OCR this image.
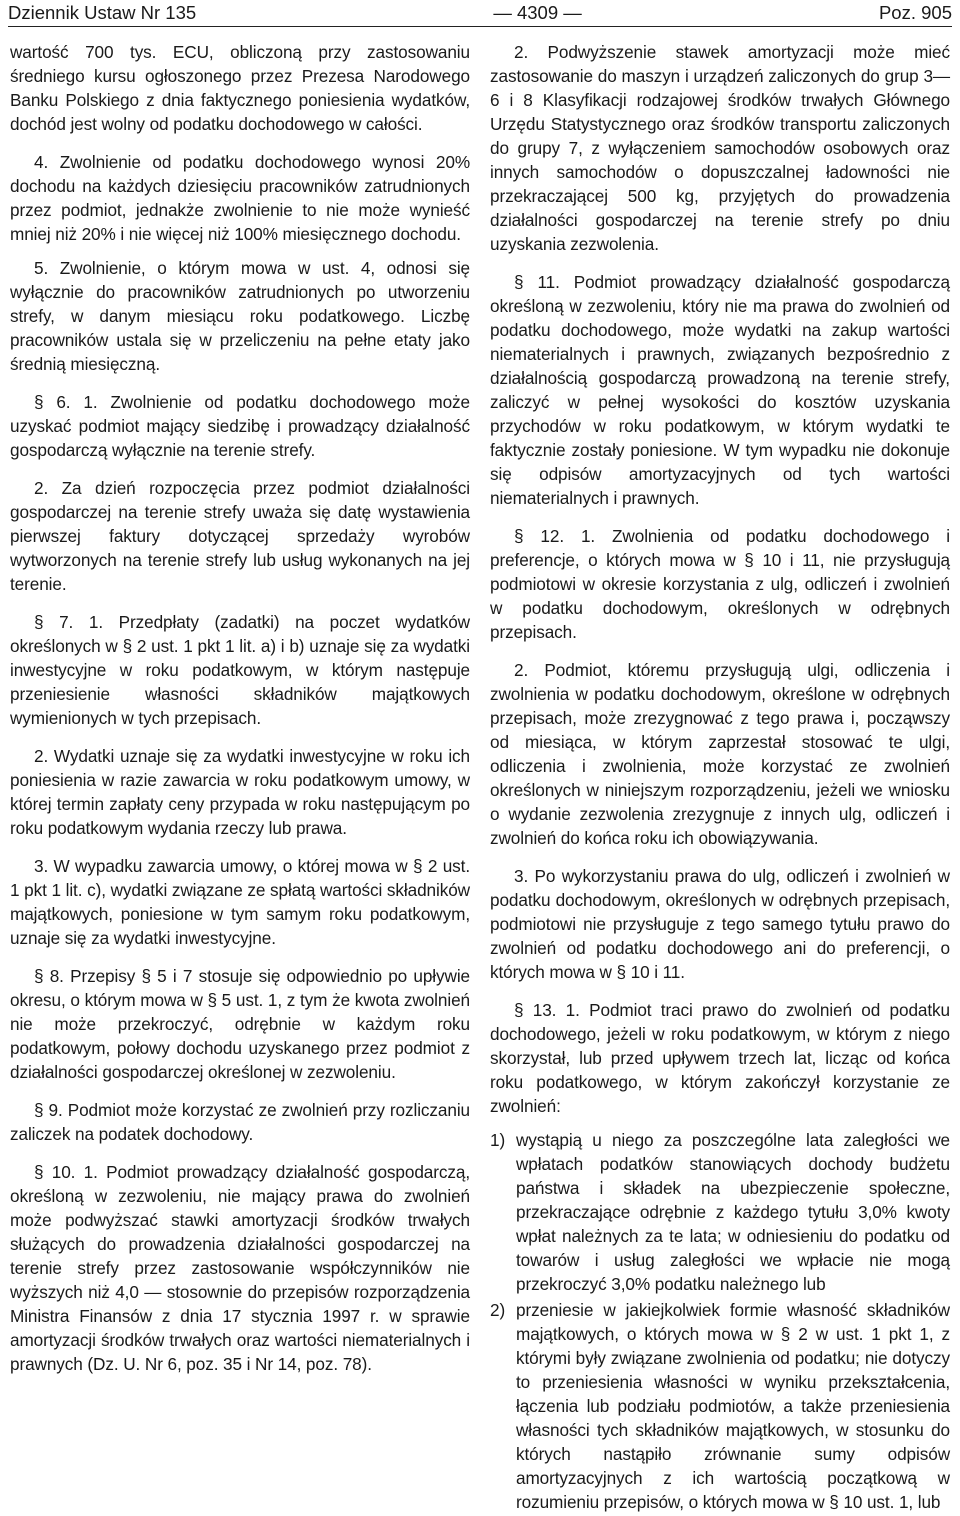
Dziennik Ustaw Nr 135	— 4309 —	Poz. 905

wartość 700 tys. ECU, obliczoną przy zastosowaniu średniego kursu ogłoszonego przez Prezesa Narodowego Banku Polskiego z dnia faktycznego poniesienia wydatków, dochód jest wolny od podatku dochodowego w całości.

4. Zwolnienie od podatku dochodowego wynosi 20% dochodu na każdych dziesięciu pracowników zatrudnionych przez podmiot, jednakże zwolnienie to nie może wynieść mniej niż 20% i nie więcej niż 100% miesięcznego dochodu.

5. Zwolnienie, o którym mowa w ust. 4, odnosi się wyłącznie do pracowników zatrudnionych po utworzeniu strefy, w danym miesiącu roku podatkowego. Liczbę pracowników ustala się w przeliczeniu na pełne etaty jako średnią miesięczną.

§ 6. 1. Zwolnienie od podatku dochodowego może uzyskać podmiot mający siedzibę i prowadzący działalność gospodarczą wyłącznie na terenie strefy.

2. Za dzień rozpoczęcia przez podmiot działalności gospodarczej na terenie strefy uważa się datę wystawienia pierwszej faktury dotyczącej sprzedaży wyrobów wytworzonych na terenie strefy lub usług wykonanych na jej terenie.

§ 7. 1. Przedpłaty (zadatki) na poczet wydatków określonych w § 2 ust. 1 pkt 1 lit. a) i b) uznaje się za wydatki inwestycyjne w roku podatkowym, w którym następuje przeniesienie własności składników majątkowych wymienionych w tych przepisach.

2. Wydatki uznaje się za wydatki inwestycyjne w roku ich poniesienia w razie zawarcia w roku podatkowym umowy, w której termin zapłaty ceny przypada w roku następującym po roku podatkowym wydania rzeczy lub prawa.

3. W wypadku zawarcia umowy, o której mowa w § 2 ust. 1 pkt 1 lit. c), wydatki związane ze spłatą wartości składników majątkowych, poniesione w tym samym roku podatkowym, uznaje się za wydatki inwestycyjne.

§ 8. Przepisy § 5 i 7 stosuje się odpowiednio po upływie okresu, o którym mowa w § 5 ust. 1, z tym że kwota zwolnień nie może przekroczyć, odrębnie w każdym roku podatkowym, połowy dochodu uzyskanego przez podmiot z działalności gospodarczej określonej w zezwoleniu.

§ 9. Podmiot może korzystać ze zwolnień przy rozliczaniu zaliczek na podatek dochodowy.

§ 10. 1. Podmiot prowadzący działalność gospodarczą, określoną w zezwoleniu, nie mający prawa do zwolnień może podwyższać stawki amortyzacji środków trwałych służących do prowadzenia działalności gospodarczej na terenie strefy przez zastosowanie współczynników nie wyższych niż 4,0 — stosownie do przepisów rozporządzenia Ministra Finansów z dnia 17 stycznia 1997 r. w sprawie amortyzacji środków trwałych oraz wartości niematerialnych i prawnych (Dz. U. Nr 6, poz. 35 i Nr 14, poz. 78).

2. Podwyższenie stawek amortyzacji może mieć zastosowanie do maszyn i urządzeń zaliczonych do grup 3—6 i 8 Klasyfikacji rodzajowej środków trwałych Głównego Urzędu Statystycznego oraz środków transportu zaliczonych do grupy 7, z wyłączeniem samochodów osobowych oraz innych samochodów o dopuszczalnej ładowności nie przekraczającej 500 kg, przyjętych do prowadzenia działalności gospodarczej na terenie strefy po dniu uzyskania zezwolenia.

§ 11. Podmiot prowadzący działalność gospodarczą określoną w zezwoleniu, który nie ma prawa do zwolnień od podatku dochodowego, może wydatki na zakup wartości niematerialnych i prawnych, związanych bezpośrednio z działalnością gospodarczą prowadzoną na terenie strefy, zaliczyć w pełnej wysokości do kosztów uzyskania przychodów w roku podatkowym, w którym wydatki te faktycznie zostały poniesione. W tym wypadku nie dokonuje się odpisów amortyzacyjnych od tych wartości niematerialnych i prawnych.

§ 12. 1. Zwolnienia od podatku dochodowego i preferencje, o których mowa w § 10 i 11, nie przysługują podmiotowi w okresie korzystania z ulg, odliczeń i zwolnień w podatku dochodowym, określonych w odrębnych przepisach.

2. Podmiot, któremu przysługują ulgi, odliczenia i zwolnienia w podatku dochodowym, określone w odrębnych przepisach, może zrezygnować z tego prawa i, począwszy od miesiąca, w którym zaprzestał stosować te ulgi, odliczenia i zwolnienia, może korzystać ze zwolnień określonych w niniejszym rozporządzeniu, jeżeli we wniosku o wydanie zezwolenia zrezygnuje z innych ulg, odliczeń i zwolnień do końca roku ich obowiązywania.

3. Po wykorzystaniu prawa do ulg, odliczeń i zwolnień w podatku dochodowym, określonych w odrębnych przepisach, podmiotowi nie przysługuje z tego samego tytułu prawo do zwolnień od podatku dochodowego ani do preferencji, o których mowa w § 10 i 11.

§ 13. 1. Podmiot traci prawo do zwolnień od podatku dochodowego, jeżeli w roku podatkowym, w którym z niego skorzystał, lub przed upływem trzech lat, licząc od końca roku podatkowego, w którym zakończył korzystanie ze zwolnień:

1) wystąpią u niego za poszczególne lata zaległości we wpłatach podatków stanowiących dochody budżetu państwa i składek na ubezpieczenie społeczne, przekraczające odrębnie z każdego tytułu 3,0% kwoty wpłat należnych za te lata; w odniesieniu do podatku od towarów i usług zaległości we wpłacie nie mogą przekroczyć 3,0% podatku należnego lub
2) przeniesie w jakiejkolwiek formie własność składników majątkowych, o których mowa w § 2 w ust. 1 pkt 1, z którymi były związane zwolnienia od podatku; nie dotyczy to przeniesienia własności w wyniku przekształcenia, łączenia lub podziału podmiotów, a także przeniesienia własności tych składników majątkowych, w stosunku do których nastąpiło zrównanie sumy odpisów amortyzacyjnych z ich wartością początkową w rozumieniu przepisów, o których mowa w § 10 ust. 1, lub
